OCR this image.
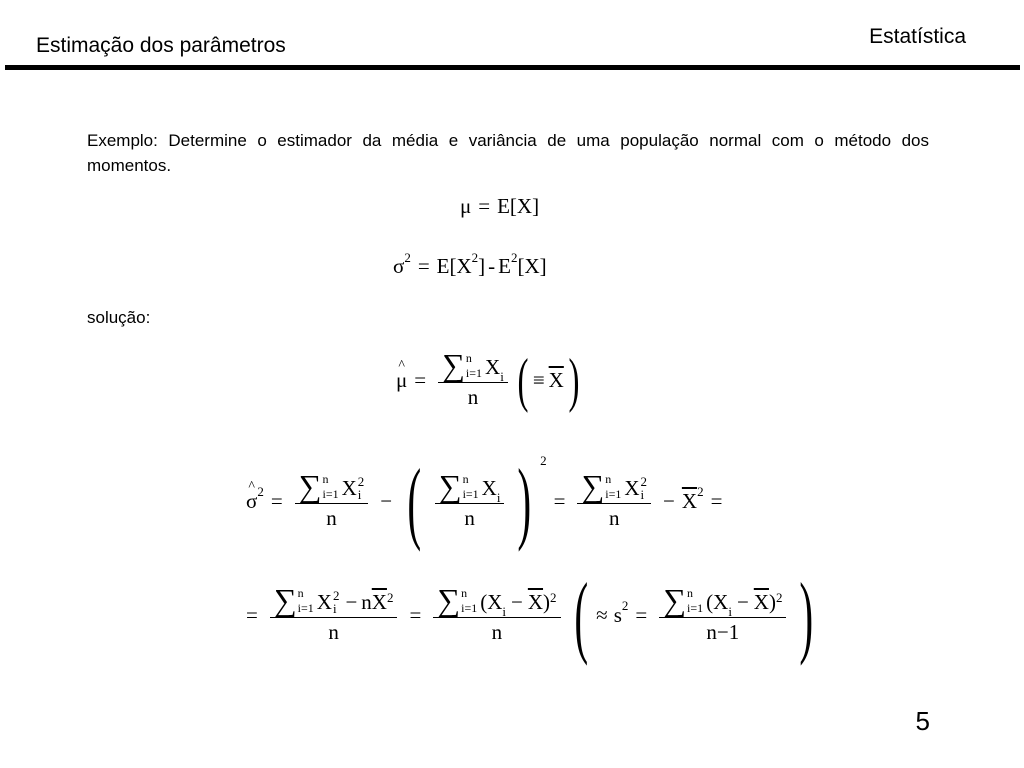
Estimação dos parâmetros	Estatística
Exemplo: Determine o estimador da média e variância de uma população normal com o método dos momentos.
μ = E[X]
σ 2 = E[X 2 ] - E 2 [X]
solução:
^ μ = ∑ n
i=1 X i
n ( ≡ $\overline{X}$ )
^ σ 2 = ∑ n
i=1 X 2
i
n − ( ∑ n
i=1 X i
n ) 2
= ∑ n
i=1 X 2
i
$n - \overline{X}$ 2 =
= ∑ n
i=1 X 2
i − n $\overline{X}$ 2
n = ∑ n
i=1 (X $i - \overline{X}$ ) 2
n ( ≈ s 2 = ∑ n
i=1 (X $i - \overline{X}$ ) 2
n−1 )
5
